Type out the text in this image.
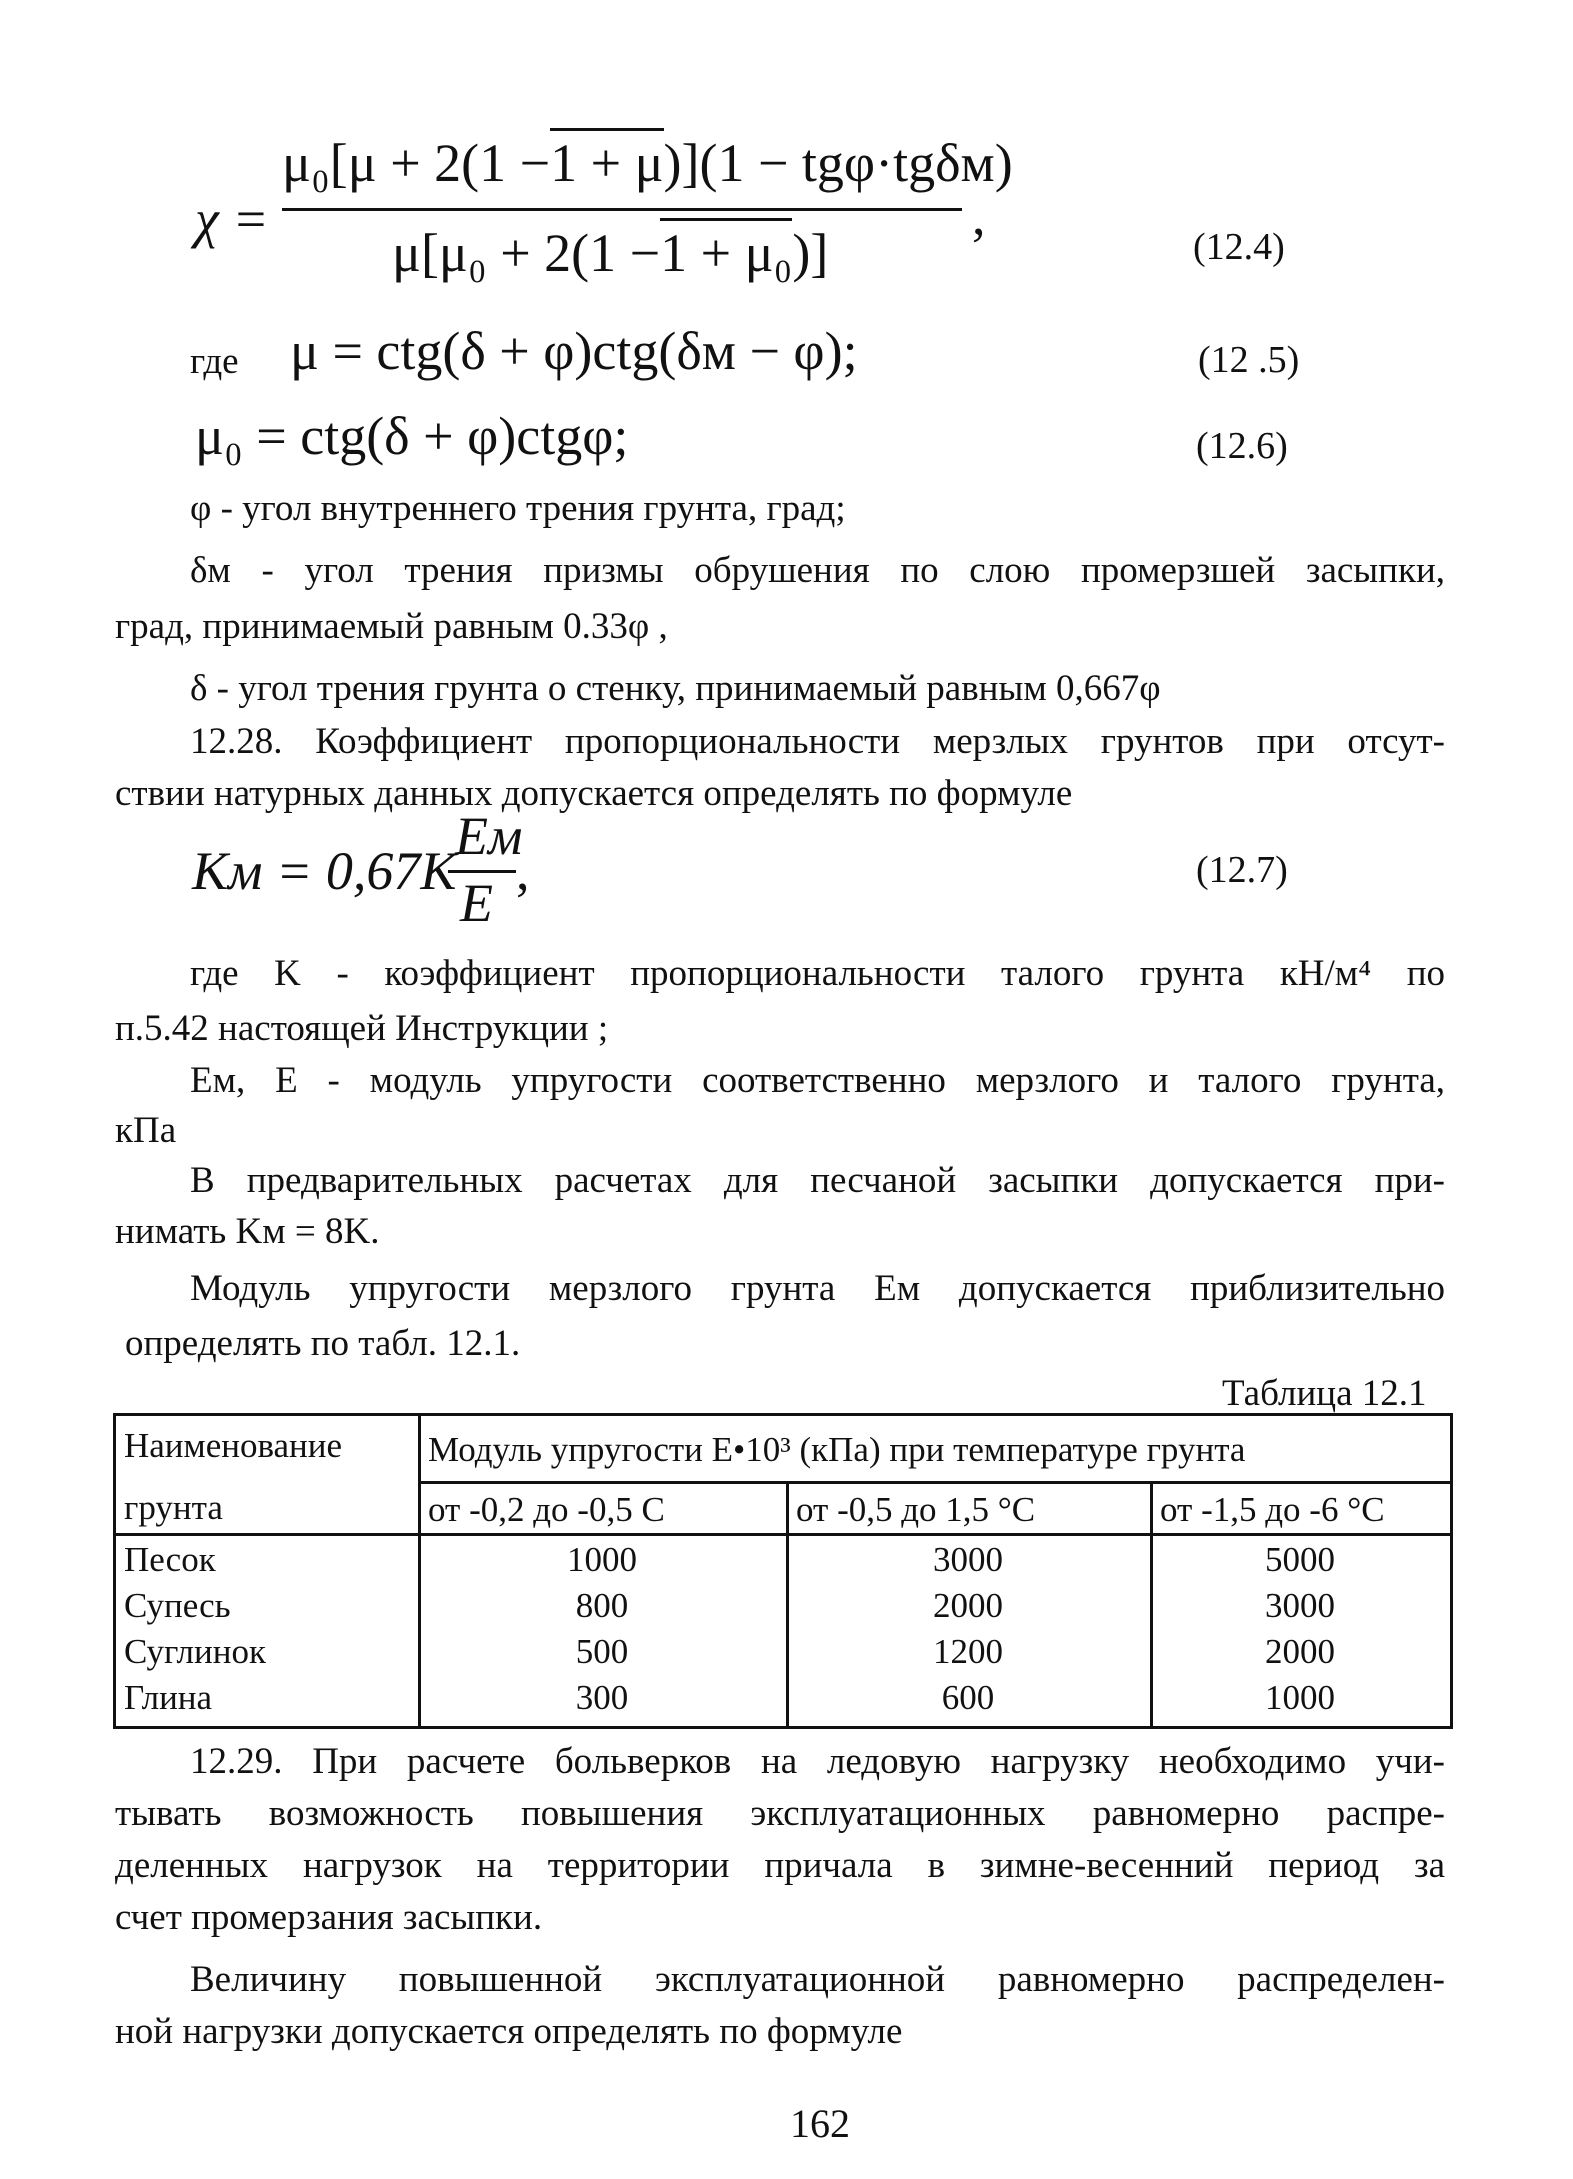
χ =
μ₀[μ + 2(1 −1 + μ)](1 − tgφ·tgδм)
μ[μ₀ + 2(1 −1 + μ₀)]
,
(12.4)
где μ = ctg(δ + φ)ctg(δм − φ);	(12 .5)
μ₀ = ctg(δ + φ)ctgφ;	(12.6)
φ - угол внутреннего трения грунта, град;
δм - угол трения призмы обрушения по слою промерзшей засыпки,
град, принимаемый равным 0.33φ ,
δ - угол трения грунта о стенку, принимаемый равным 0,667φ
12.28. Коэффициент пропорциональности мерзлых грунтов при отсут-
ствии натурных данных допускается определять по формуле
Kм = 0,67K
Eм
E
,	(12.7)
где K - коэффициент пропорциональности талого грунта кН/м⁴ по
п.5.42 настоящей Инструкции ;
Eм, E - модуль упругости соответственно мерзлого и талого грунта,
кПа
В предварительных расчетах для песчаной засыпки допускается при-
нимать Kм = 8K.
Модуль упругости мерзлого грунта Eм допускается приблизительно
определять по табл. 12.1.
Таблица 12.1
Наименование
грунта
Модуль упругости E•10³ (кПа) при температуре грунта
от -0,2 до -0,5 С	от -0,5 до 1,5 °С	от -1,5 до -6 °С
Песок	1000	3000	5000
Супесь	800	2000	3000
Суглинок	500	1200	2000
Глина	300	600	1000
12.29. При расчете больверков на ледовую нагрузку необходимо учи-
тывать возможность повышения эксплуатационных равномерно распре-
деленных нагрузок на территории причала в зимне-весенний период за
счет промерзания засыпки.
Величину повышенной эксплуатационной равномерно распределен-
ной нагрузки допускается определять по формуле
162
